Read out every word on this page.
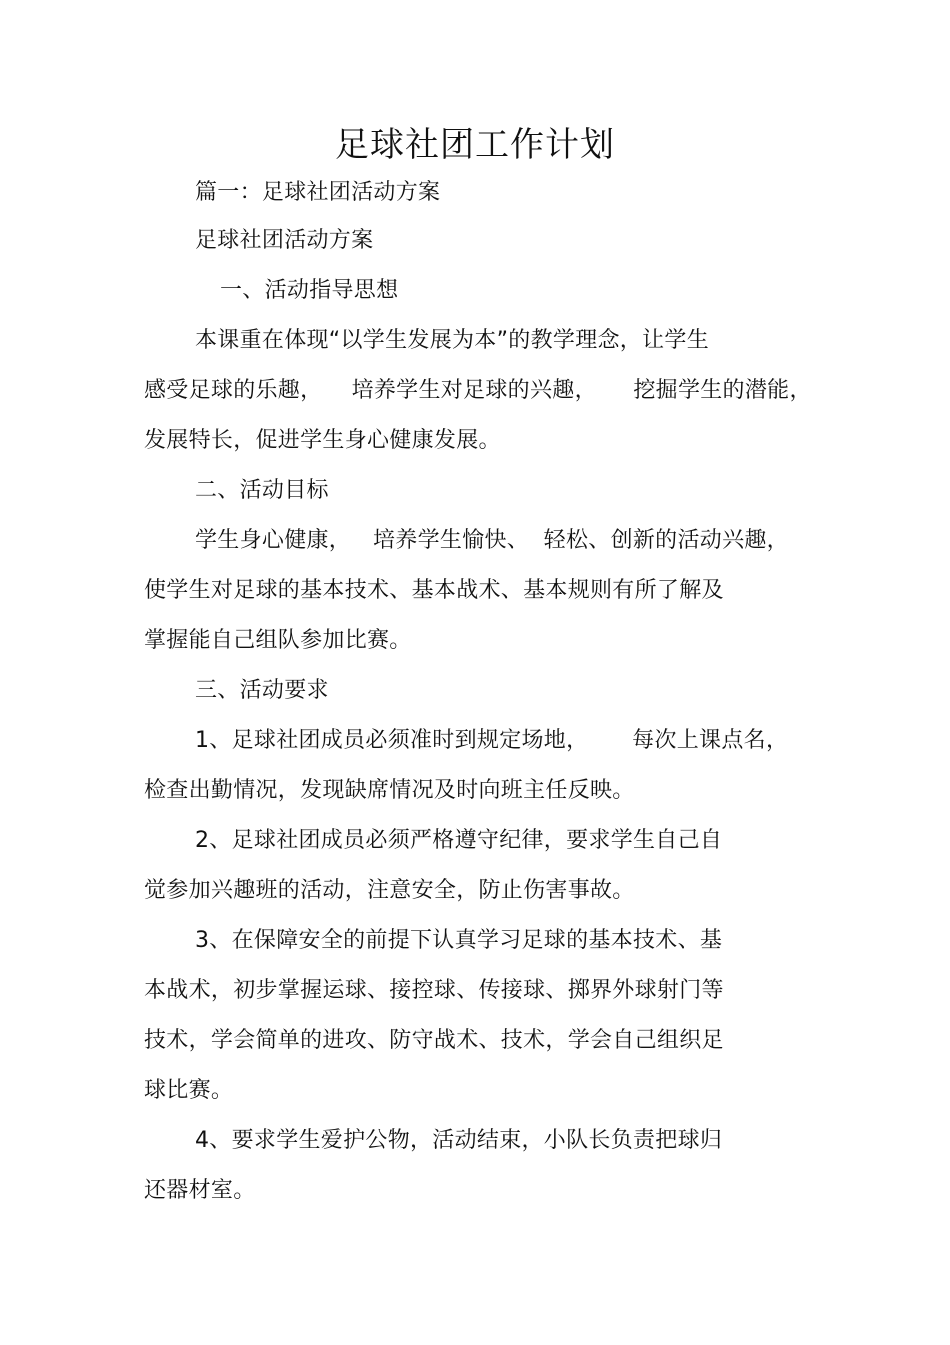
足球社团工作计划
篇一：足球社团活动方案
足球社团活动方案
一、活动指导思想
本课重在体现“以学生发展为本”的教学理念，让学生
感受足球的乐趣，    培养学生对足球的兴趣，     挖掘学生的潜能，
发展特长，促进学生身心健康发展。
二、活动目标
学生身心健康，   培养学生愉快、  轻松、创新的活动兴趣，
使学生对足球的基本技术、基本战术、基本规则有所了解及
掌握能自己组队参加比赛。
三、活动要求
1、足球社团成员必须准时到规定场地，      每次上课点名，
检查出勤情况，发现缺席情况及时向班主任反映。
2、足球社团成员必须严格遵守纪律，要求学生自己自
觉参加兴趣班的活动，注意安全，防止伤害事故。
3、在保障安全的前提下认真学习足球的基本技术、基
本战术，初步掌握运球、接控球、传接球、掷界外球射门等
技术，学会简单的进攻、防守战术、技术，学会自己组织足
球比赛。
4、要求学生爱护公物，活动结束，小队长负责把球归
还器材室。
